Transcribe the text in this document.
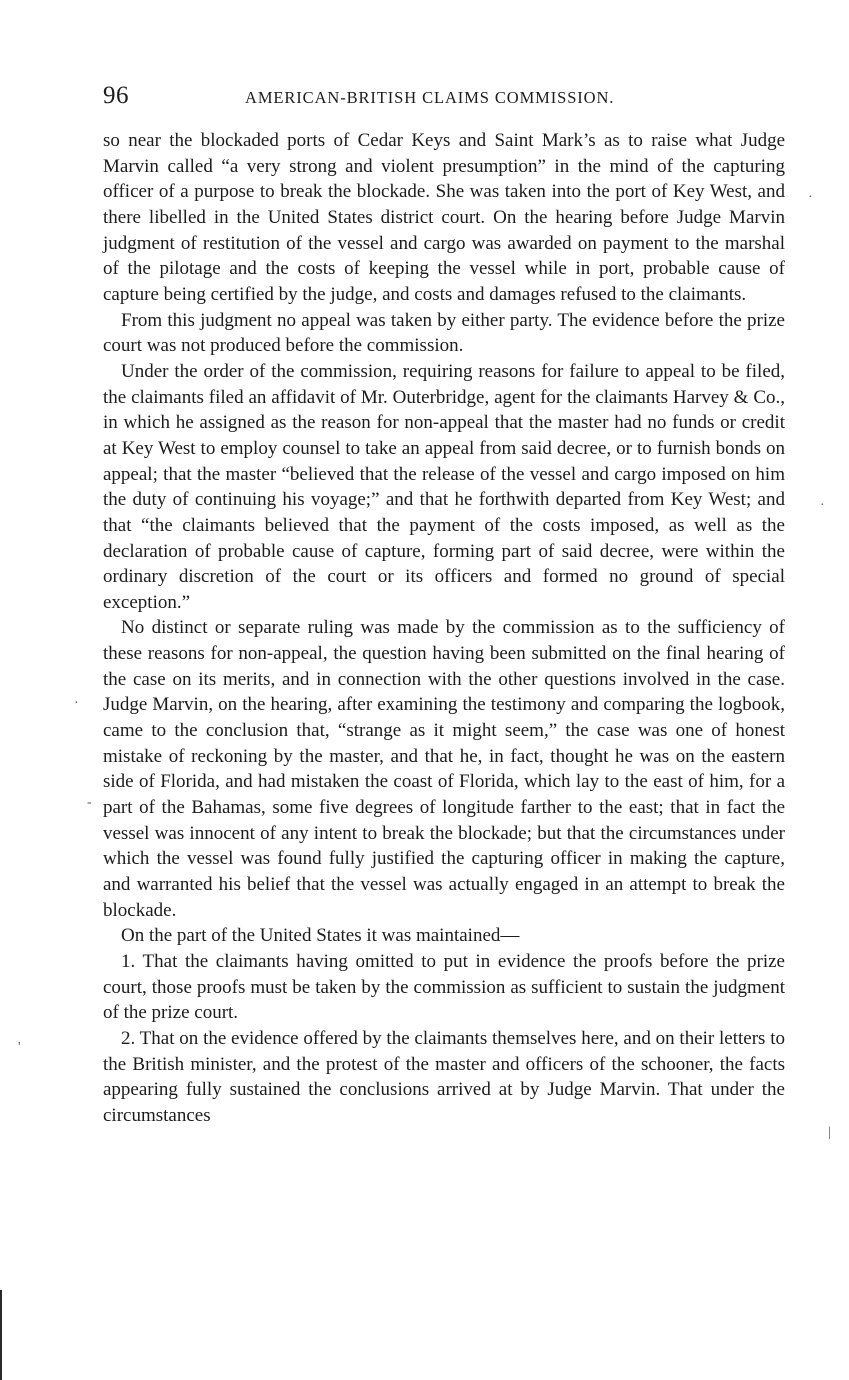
96	AMERICAN-BRITISH CLAIMS COMMISSION.

so near the blockaded ports of Cedar Keys and Saint Mark’s as to raise what Judge Marvin called “a very strong and violent presumption” in the mind of the capturing officer of a purpose to break the blockade. She was taken into the port of Key West, and there libelled in the United States district court. On the hearing before Judge Marvin judgment of restitution of the vessel and cargo was awarded on payment to the marshal of the pilotage and the costs of keeping the vessel while in port, probable cause of capture being certified by the judge, and costs and damages refused to the claimants.

From this judgment no appeal was taken by either party. The evidence before the prize court was not produced before the commission.

Under the order of the commission, requiring reasons for failure to appeal to be filed, the claimants filed an affidavit of Mr. Outerbridge, agent for the claimants Harvey & Co., in which he assigned as the reason for non-appeal that the master had no funds or credit at Key West to employ counsel to take an appeal from said decree, or to furnish bonds on appeal; that the master “believed that the release of the vessel and cargo imposed on him the duty of continuing his voyage;” and that he forthwith departed from Key West; and that “the claimants believed that the payment of the costs imposed, as well as the declaration of probable cause of capture, forming part of said decree, were within the ordinary discretion of the court or its officers and formed no ground of special exception.”

No distinct or separate ruling was made by the commission as to the sufficiency of these reasons for non-appeal, the question having been submitted on the final hearing of the case on its merits, and in connection with the other questions involved in the case. Judge Marvin, on the hearing, after examining the testimony and comparing the logbook, came to the conclusion that, “strange as it might seem,” the case was one of honest mistake of reckoning by the master, and that he, in fact, thought he was on the eastern side of Florida, and had mistaken the coast of Florida, which lay to the east of him, for a part of the Bahamas, some five degrees of longitude farther to the east; that in fact the vessel was innocent of any intent to break the blockade; but that the circumstances under which the vessel was found fully justified the capturing officer in making the capture, and warranted his belief that the vessel was actually engaged in an attempt to break the blockade.

On the part of the United States it was maintained—

1. That the claimants having omitted to put in evidence the proofs before the prize court, those proofs must be taken by the commission as sufficient to sustain the judgment of the prize court.

2. That on the evidence offered by the claimants themselves here, and on their letters to the British minister, and the protest of the master and officers of the schooner, the facts appearing fully sustained the conclusions arrived at by Judge Marvin. That under the circumstances

·
·
·
-
'
|
